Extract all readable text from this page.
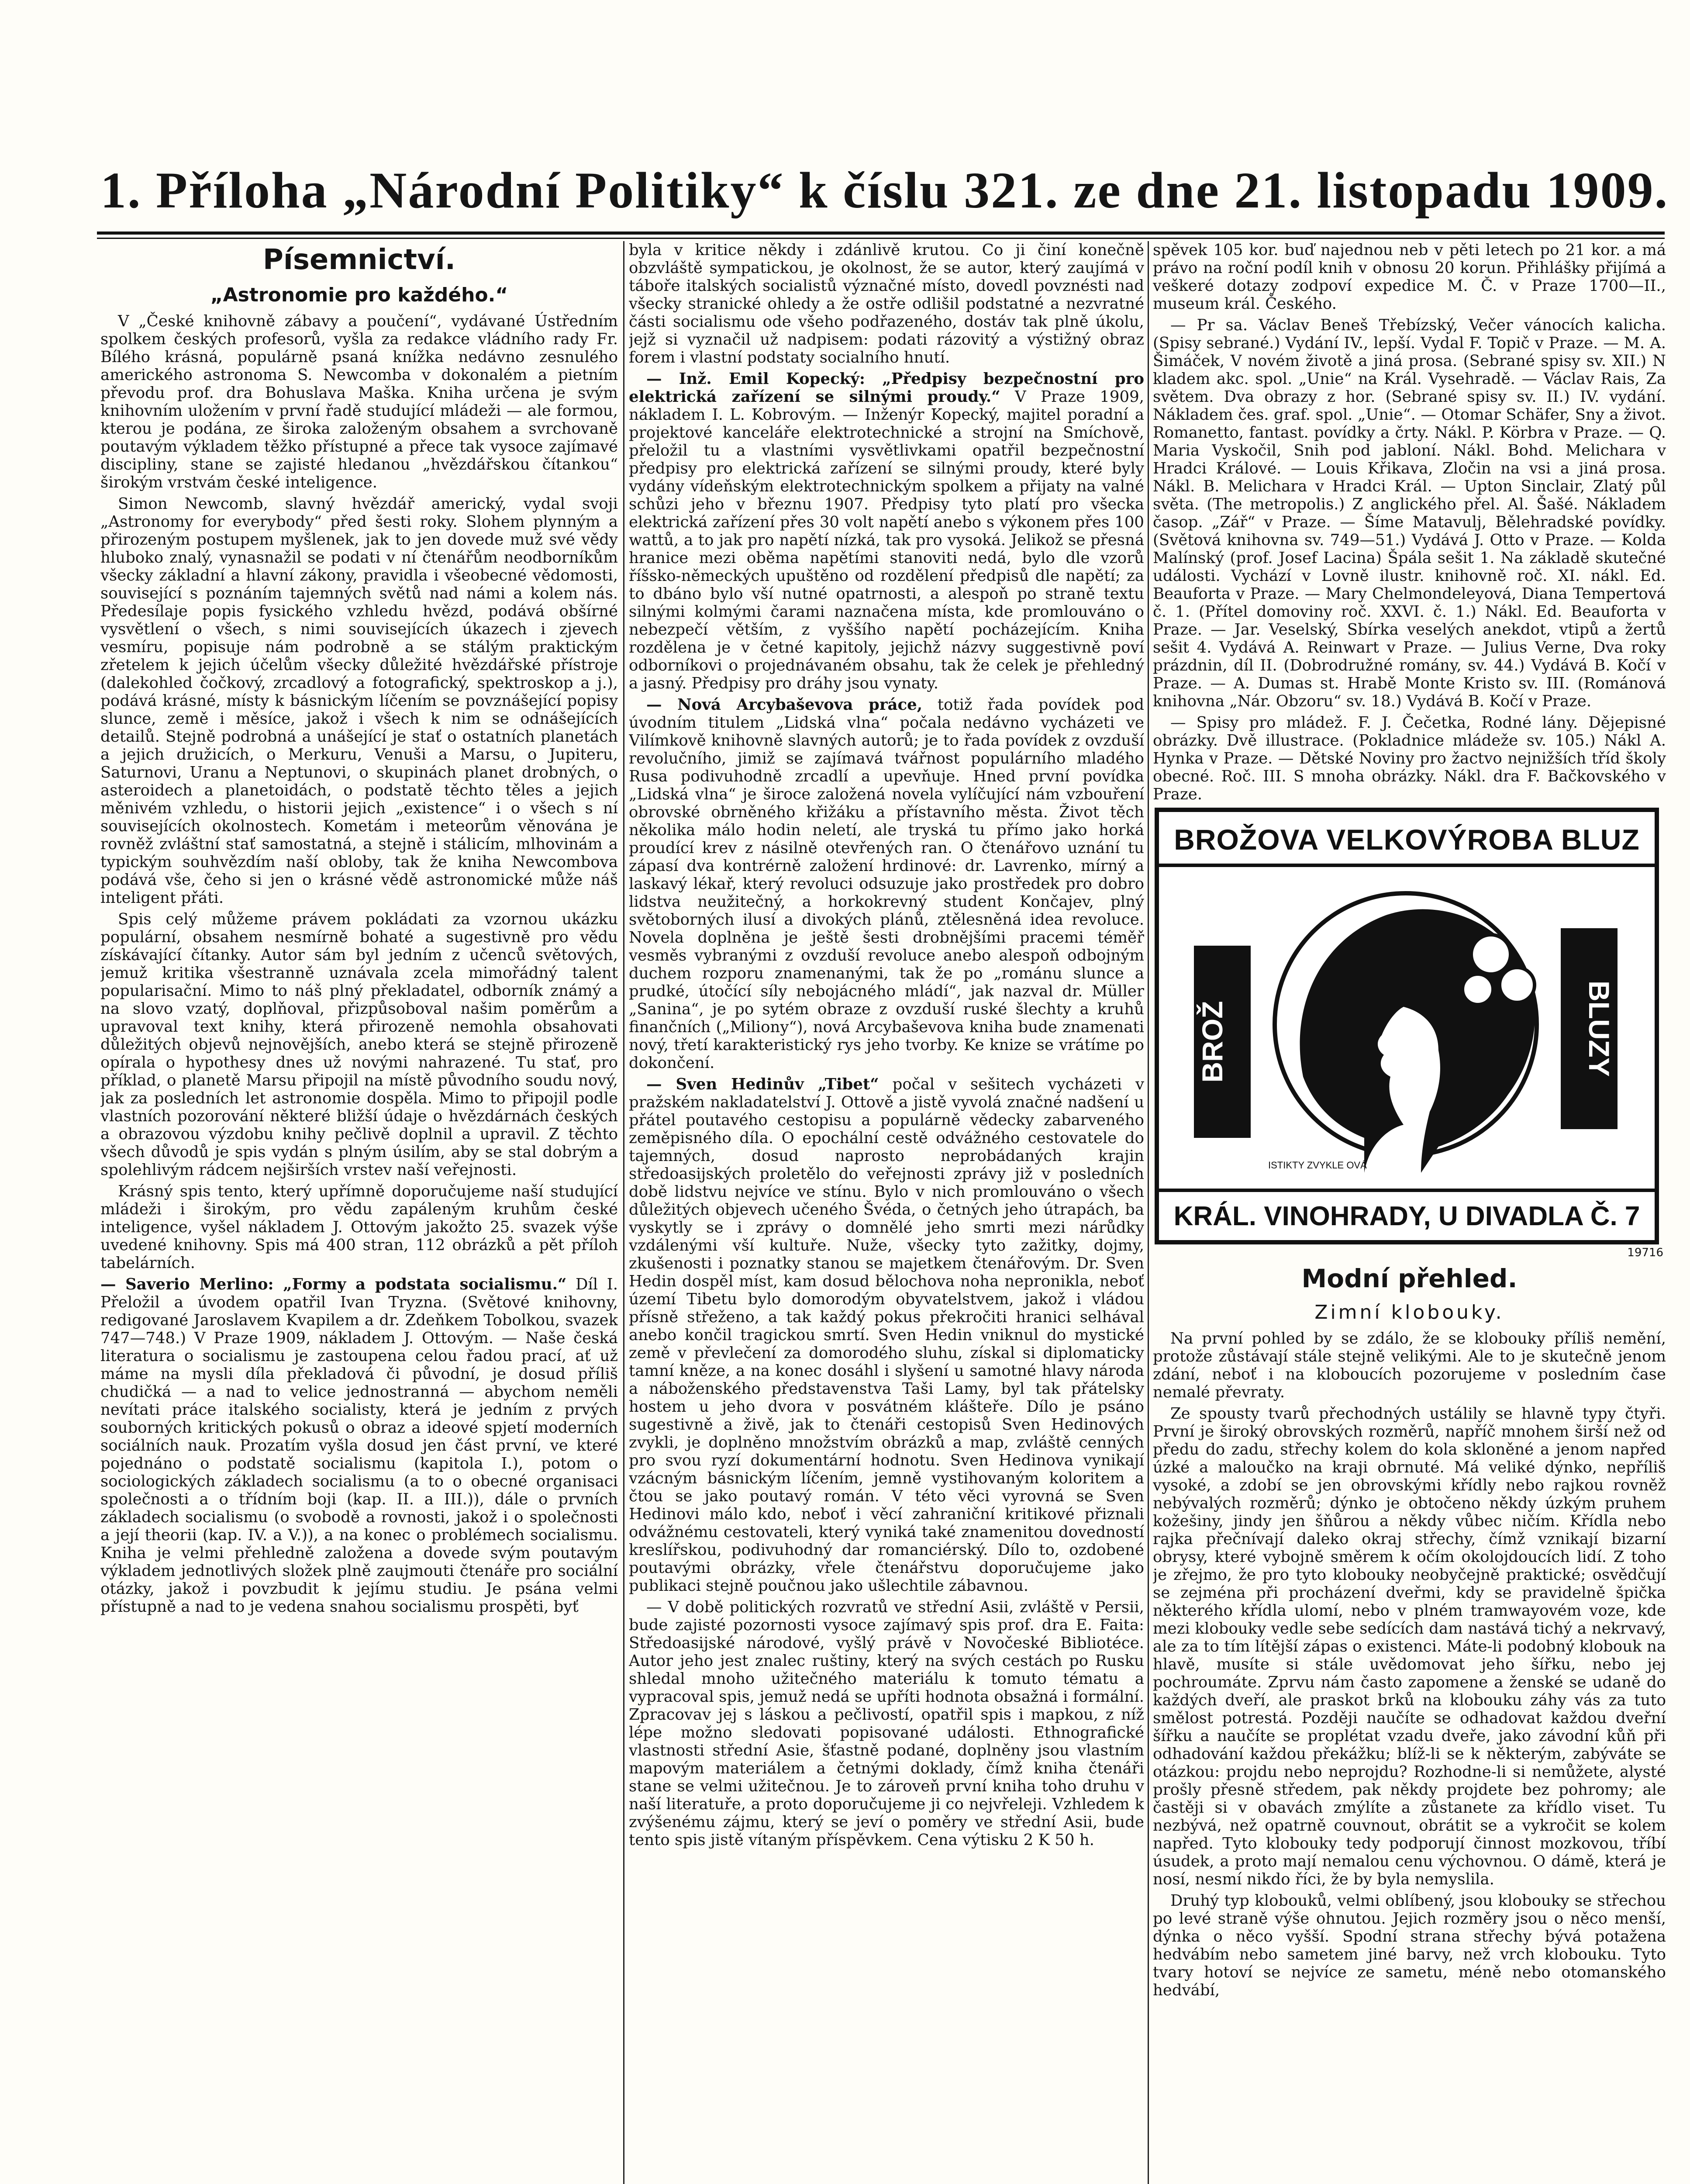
1. Příloha „Národní Politiky“ k číslu 321. ze dne 21. listopadu 1909.
Písemnictví.
„Astronomie pro každého.“

V „České knihovně zábavy a poučení“, vydávané Ústředním spolkem českých profesorů, vyšla za redakce vládního rady Fr. Bílého krásná, populárně psaná knížka nedávno zesnulého amerického astronoma S. Newcomba v dokonalém a pietním převodu prof. dra Bohuslava Maška. Kniha určena je svým knihovním uložením v první řadě studující mládeži — ale formou, kterou je podána, ze široka založeným obsahem a svrchovaně poutavým výkladem těžko přístupné a přece tak vysoce zajímavé discipliny, stane se zajisté hledanou „hvězdářskou čítankou“ širokým vrstvám české inteligence.

Simon Newcomb, slavný hvězdář americký, vydal svoji „Astronomy for everybody“ před šesti roky. Slohem plynným a přirozeným postupem myšlenek, jak to jen dovede muž své vědy hluboko znalý, vynasnažil se podati v ní čtenářům neodborníkům všecky základní a hlavní zákony, pravidla i všeobecné vědomosti, související s poznáním tajemných světů nad námi a kolem nás. Předesílaje popis fysického vzhledu hvězd, podává obšírné vysvětlení o všech, s nimi souvisejících úkazech i zjevech vesmíru, popisuje nám podrobně a se stálým praktickým zřetelem k jejich účelům všecky důležité hvězdářské přístroje (dalekohled čočkový, zrcadlový a fotografický, spektroskop a j.), podává krásné, místy k básnickým líčením se povznášející popisy slunce, země i měsíce, jakož i všech k nim se odnášejících detailů. Stejně podrobná a unášející je stať o ostatních planetách a jejich družicích, o Merkuru, Venuši a Marsu, o Jupiteru, Saturnovi, Uranu a Neptunovi, o skupinách planet drobných, o asteroidech a planetoidách, o podstatě těchto těles a jejich měnivém vzhledu, o historii jejich „existence“ i o všech s ní souvisejících okolnostech. Kometám i meteorům věnována je rovněž zvláštní stať samostatná, a stejně i stálicím, mlhovinám a typickým souhvězdím naší obloby, tak že kniha Newcombova podává vše, čeho si jen o krásné vědě astronomické může náš inteligent přáti.

Spis celý můžeme právem pokládati za vzornou ukázku populární, obsahem nesmírně bohaté a sugestivně pro vědu získávající čítanky. Autor sám byl jedním z učenců světových, jemuž kritika všestranně uznávala zcela mimořádný talent popularisační. Mimo to náš plný překladatel, odborník známý a na slovo vzatý, doplňoval, přizpůsoboval našim poměrům a upravoval text knihy, která přirozeně nemohla obsahovati důležitých objevů nejnovějších, anebo která se stejně přirozeně opírala o hypothesy dnes už novými nahrazené. Tu stať, pro příklad, o planetě Marsu připojil na místě původního soudu nový, jak za posledních let astronomie dospěla. Mimo to připojil podle vlastních pozorování některé bližší údaje o hvězdárnách českých a obrazovou výzdobu knihy pečlivě doplnil a upravil. Z těchto všech důvodů je spis vydán s plným úsilím, aby se stal dobrým a spolehlivým rádcem nejširších vrstev naší veřejnosti.

Krásný spis tento, který upřímně doporučujeme naší studující mládeži i širokým, pro vědu zapáleným kruhům české inteligence, vyšel nákladem J. Ottovým jakožto 25. svazek výše uvedené knihovny. Spis má 400 stran, 112 obrázků a pět příloh tabelárních.

— Saverio Merlino: „Formy a podstata socialismu.“ Díl I. Přeložil a úvodem opatřil Ivan Tryzna. (Světové knihovny, redigované Jaroslavem Kvapilem a dr. Zdeňkem Tobolkou, svazek 747—748.) V Praze 1909, nákladem J. Ottovým. — Naše česká literatura o socialismu je zastoupena celou řadou prací, ať už máme na mysli díla překladová či původní, je dosud příliš chudičká — a nad to velice jednostranná — abychom neměli nevítati práce italského socialisty, která je jedním z prvých souborných kritických pokusů o obraz a ideové spjetí moderních sociálních nauk. Prozatím vyšla dosud jen část první, ve které pojednáno o podstatě socialismu (kapitola I.), potom o sociologických základech socialismu (a to o obecné organisaci společnosti a o třídním boji (kap. II. a III.)), dále o prvních základech socialismu (o svobodě a rovnosti, jakož i o společnosti a její theorii (kap. IV. a V.)), a na konec o problémech socialismu. Kniha je velmi přehledně založena a dovede svým poutavým výkladem jednotlivých složek plně zaujmouti čtenáře pro sociální otázky, jakož i povzbudit k jejímu studiu. Je psána velmi přístupně a nad to je vedena snahou socialismu prospěti, byť

byla v kritice někdy i zdánlivě krutou. Co ji činí konečně obzvláště sympatickou, je okolnost, že se autor, který zaujímá v táboře italských socialistů význačné místo, dovedl povznésti nad všecky stranické ohledy a že ostře odlišil podstatné a nezvratné části socialismu ode všeho podřazeného, dostáv tak plně úkolu, jejž si vyznačil už nadpisem: podati rázovitý a výstižný obraz forem i vlastní podstaty socialního hnutí.

— Inž. Emil Kopecký: „Předpisy bezpečnostní pro elektrická zařízení se silnými proudy.“ V Praze 1909, nákladem I. L. Kobrovým. — Inženýr Kopecký, majitel poradní a projektové kanceláře elektrotechnické a strojní na Smíchově, přeložil tu a vlastními vysvětlivkami opatřil bezpečnostní předpisy pro elektrická zařízení se silnými proudy, které byly vydány vídeňským elektrotechnickým spolkem a přijaty na valné schůzi jeho v březnu 1907. Předpisy tyto platí pro všecka elektrická zařízení přes 30 volt napětí anebo s výkonem přes 100 wattů, a to jak pro napětí nízká, tak pro vysoká. Jelikož se přesná hranice mezi oběma napětími stanoviti nedá, bylo dle vzorů říšsko-německých upuštěno od rozdělení předpisů dle napětí; za to dbáno bylo vší nutné opatrnosti, a alespoň po straně textu silnými kolmými čarami naznačena místa, kde promlouváno o nebezpečí větším, z vyššího napětí pocházejícím. Kniha rozdělena je v četné kapitoly, jejichž názvy suggestivně poví odborníkovi o projednávaném obsahu, tak že celek je přehledný a jasný. Předpisy pro dráhy jsou vynaty.

— Nová Arcybaševova práce, totiž řada povídek pod úvodním titulem „Lidská vlna“ počala nedávno vycházeti ve Vilímkově knihovně slavných autorů; je to řada povídek z ovzduší revolučního, jimiž se zajímavá tvářnost populárního mladého Rusa podivuhodně zrcadlí a upevňuje. Hned první povídka „Lidská vlna“ je široce založená novela vylíčující nám vzbouření obrovské obrněného křižáku a přístavního města. Život těch několika málo hodin neletí, ale tryská tu přímo jako horká proudící krev z násilně otevřených ran. O čtenářovo uznání tu zápasí dva kontrérně založení hrdinové: dr. Lavrenko, mírný a laskavý lékař, který revoluci odsuzuje jako prostředek pro dobro lidstva neužitečný, a horkokrevný student Končajev, plný světoborných ilusí a divokých plánů, ztělesněná idea revoluce. Novela doplněna je ještě šesti drobnějšími pracemi téměř vesměs vybranými z ovzduší revoluce anebo alespoň odbojným duchem rozporu znamenanými, tak že po „románu slunce a prudké, útočící síly nebojácného mládí“, jak nazval dr. Müller „Sanina“, je po sytém obraze z ovzduší ruské šlechty a kruhů finančních („Miliony“), nová Arcybaševova kniha bude znamenati nový, třetí karakteristický rys jeho tvorby. Ke knize se vrátíme po dokončení.

— Sven Hedinův „Tibet“ počal v sešitech vycházeti v pražském nakladatelství J. Ottově a jistě vyvolá značné nadšení u přátel poutavého cestopisu a populárně vědecky zabarveného zeměpisného díla. O epochální cestě odvážného cestovatele do tajemných, dosud naprosto neprobádaných krajin středoasijských proletělo do veřejnosti zprávy již v posledních době lidstvu nejvíce ve stínu. Bylo v nich promlouváno o všech důležitých objevech učeného Švéda, o četných jeho útrapách, ba vyskytly se i zprávy o domnělé jeho smrti mezi nárůdky vzdálenými vší kultuře. Nuže, všecky tyto zažitky, dojmy, zkušenosti i poznatky stanou se majetkem čtenářovým. Dr. Sven Hedin dospěl míst, kam dosud bělochova noha nepronikla, neboť území Tibetu bylo domorodým obyvatelstvem, jakož i vládou přísně střeženo, a tak každý pokus překročiti hranici selhával anebo končil tragickou smrtí. Sven Hedin vniknul do mystické země v převlečení za domorodého sluhu, získal si diplomaticky tamní kněze, a na konec dosáhl i slyšení u samotné hlavy národa a náboženského představenstva Taši Lamy, byl tak přátelsky hostem u jeho dvora v posvátném klášteře. Dílo je psáno sugestivně a živě, jak to čtenáři cestopisů Sven Hedinových zvykli, je doplněno množstvím obrázků a map, zvláště cenných pro svou ryzí dokumentární hodnotu. Sven Hedinova vynikají vzácným básnickým líčením, jemně vystihovaným koloritem a čtou se jako poutavý román. V této věci vyrovná se Sven Hedinovi málo kdo, neboť i věcí zahraniční kritikové přiznali odvážnému cestovateli, který vyniká také znamenitou dovedností kreslířskou, podivuhodný dar romanciérský. Dílo to, ozdobené poutavými obrázky, vřele čtenářstvu doporučujeme jako publikaci stejně poučnou jako ušlechtile zábavnou.

— V době politických rozvratů ve střední Asii, zvláště v Persii, bude zajisté pozornosti vysoce zajímavý spis prof. dra E. Faita: Středoasijské národové, vyšlý právě v Novočeské Bibliotéce. Autor jeho jest znalec ruštiny, který na svých cestách po Rusku shledal mnoho užitečného materiálu k tomuto tématu a vypracoval spis, jemuž nedá se upříti hodnota obsažná i formální. Zpracovav jej s láskou a pečlivostí, opatřil spis i mapkou, z níž lépe možno sledovati popisované události. Ethnografické vlastnosti střední Asie, šťastně podané, doplněny jsou vlastním mapovým materiálem a četnými doklady, čímž kniha čtenáři stane se velmi užitečnou. Je to zároveň první kniha toho druhu v naší literatuře, a proto doporučujeme ji co nejvřeleji. Vzhledem k zvýšenému zájmu, který se jeví o poměry ve střední Asii, bude tento spis jistě vítaným příspěvkem. Cena výtisku 2 K 50 h.

spěvek 105 kor. buď najednou neb v pěti letech po 21 kor. a má právo na roční podíl knih v obnosu 20 korun. Přihlášky přijímá a veškeré dotazy zodpoví expedice M. Č. v Praze 1700—II., museum král. Českého.

— Pr sa. Václav Beneš Třebízský, Večer vánocích kalicha. (Spisy sebrané.) Vydání IV., lepší. Vydal F. Topič v Praze. — M. A. Šimáček, V novém životě a jiná prosa. (Sebrané spisy sv. XII.) N kladem akc. spol. „Unie“ na Král. Vysehradě. — Václav Rais, Za světem. Dva obrazy z hor. (Sebrané spisy sv. II.) IV. vydání. Nákladem čes. graf. spol. „Unie“. — Otomar Schäfer, Sny a život. Romanetto, fantast. povídky a črty. Nákl. P. Körbra v Praze. — Q. Maria Vyskočil, Snih pod jabloní. Nákl. Bohd. Melichara v Hradci Králové. — Louis Křikava, Zločin na vsi a jiná prosa. Nákl. B. Melichara v Hradci Král. — Upton Sinclair, Zlatý půl světa. (The metropolis.) Z anglického přel. Al. Šašé. Nákladem časop. „Zář“ v Praze. — Šíme Matavulj, Bělehradské povídky. (Světová knihovna sv. 749—51.) Vydává J. Otto v Praze. — Kolda Malínský (prof. Josef Lacina) Špála sešit 1. Na základě skutečné události. Vychází v Lovně ilustr. knihovně roč. XI. nákl. Ed. Beauforta v Praze. — Mary Chelmondeleyová, Diana Tempertová č. 1. (Přítel domoviny roč. XXVI. č. 1.) Nákl. Ed. Beauforta v Praze. — Jar. Veselský, Sbírka veselých anekdot, vtipů a žertů sešit 4. Vydává A. Reinwart v Praze. — Julius Verne, Dva roky prázdnin, díl II. (Dobrodružné romány, sv. 44.) Vydává B. Kočí v Praze. — A. Dumas st. Hrabě Monte Kristo sv. III. (Románová knihovna „Nár. Obzoru“ sv. 18.) Vydává B. Kočí v Praze.

— Spisy pro mládež. F. J. Čečetka, Rodné lány. Dějepisné obrázky. Dvě illustrace. (Pokladnice mládeže sv. 105.) Nákl A. Hynka v Praze. — Dětské Noviny pro žactvo nejnižších tříd školy obecné. Roč. III. S mnoha obrázky. Nákl. dra F. Bačkovského v Praze.

BROŽOVA VELKOVÝROBA BLUZ
BROŽ	BLUZY
ISTIKTY ZVYKLE OVÁ
KRÁL. VINOHRADY, U DIVADLA Č. 7
19716
Modní přehled.
Zimní klobouky.

Na první pohled by se zdálo, že se klobouky příliš nemění, protože zůstávají stále stejně velikými. Ale to je skutečně jenom zdání, neboť i na kloboucích pozorujeme v posledním čase nemalé převraty.

Ze spousty tvarů přechodných ustálily se hlavně typy čtyři. První je široký obrovských rozměrů, napříč mnohem širší než od předu do zadu, střechy kolem do kola skloněné a jenom napřed úzké a maloučko na kraji obrnuté. Má veliké dýnko, nepříliš vysoké, a zdobí se jen obrovskými křídly nebo rajkou rovněž nebývalých rozměrů; dýnko je obtočeno někdy úzkým pruhem kožešiny, jindy jen šňůrou a někdy vůbec ničím. Křídla nebo rajka přečnívají daleko okraj střechy, čímž vznikají bizarní obrysy, které vybojně směrem k očím okolojdoucích lidí. Z toho je zřejmo, že pro tyto klobouky neobyčejně praktické; osvědčují se zejména při procházení dveřmi, kdy se pravidelně špička některého křídla ulomí, nebo v plném tramwayovém voze, kde mezi klobouky vedle sebe sedících dam nastává tichý a nekrvavý, ale za to tím lítější zápas o existenci. Máte-li podobný klobouk na hlavě, musíte si stále uvědomovat jeho šířku, nebo jej pochroumáte. Zprvu nám často zapomene a ženské se udaně do každých dveří, ale praskot brků na klobouku záhy vás za tuto smělost potrestá. Později naučíte se odhadovat každou dveřní šířku a naučíte se proplétat vzadu dveře, jako závodní kůň při odhadování každou překážku; blíž-li se k některým, zabýváte se otázkou: projdu nebo neprojdu? Rozhodne-li si nemůžete, alysté prošly přesně středem, pak někdy projdete bez pohromy; ale častěji si v obavách zmýlíte a zůstanete za křídlo viset. Tu nezbývá, než opatrně couvnout, obrátit se a vykročit se kolem napřed. Tyto klobouky tedy podporují činnost mozkovou, tříbí úsudek, a proto mají nemalou cenu výchovnou. O dámě, která je nosí, nesmí nikdo říci, že by byla nemyslila.

Druhý typ klobouků, velmi oblíbený, jsou klobouky se střechou po levé straně výše ohnutou. Jejich rozměry jsou o něco menší, dýnka o něco vyšší. Spodní strana střechy bývá potažena hedvábím nebo sametem jiné barvy, než vrch klobouku. Tyto tvary hotoví se nejvíce ze sametu, méně nebo otomanského hedvábí,
